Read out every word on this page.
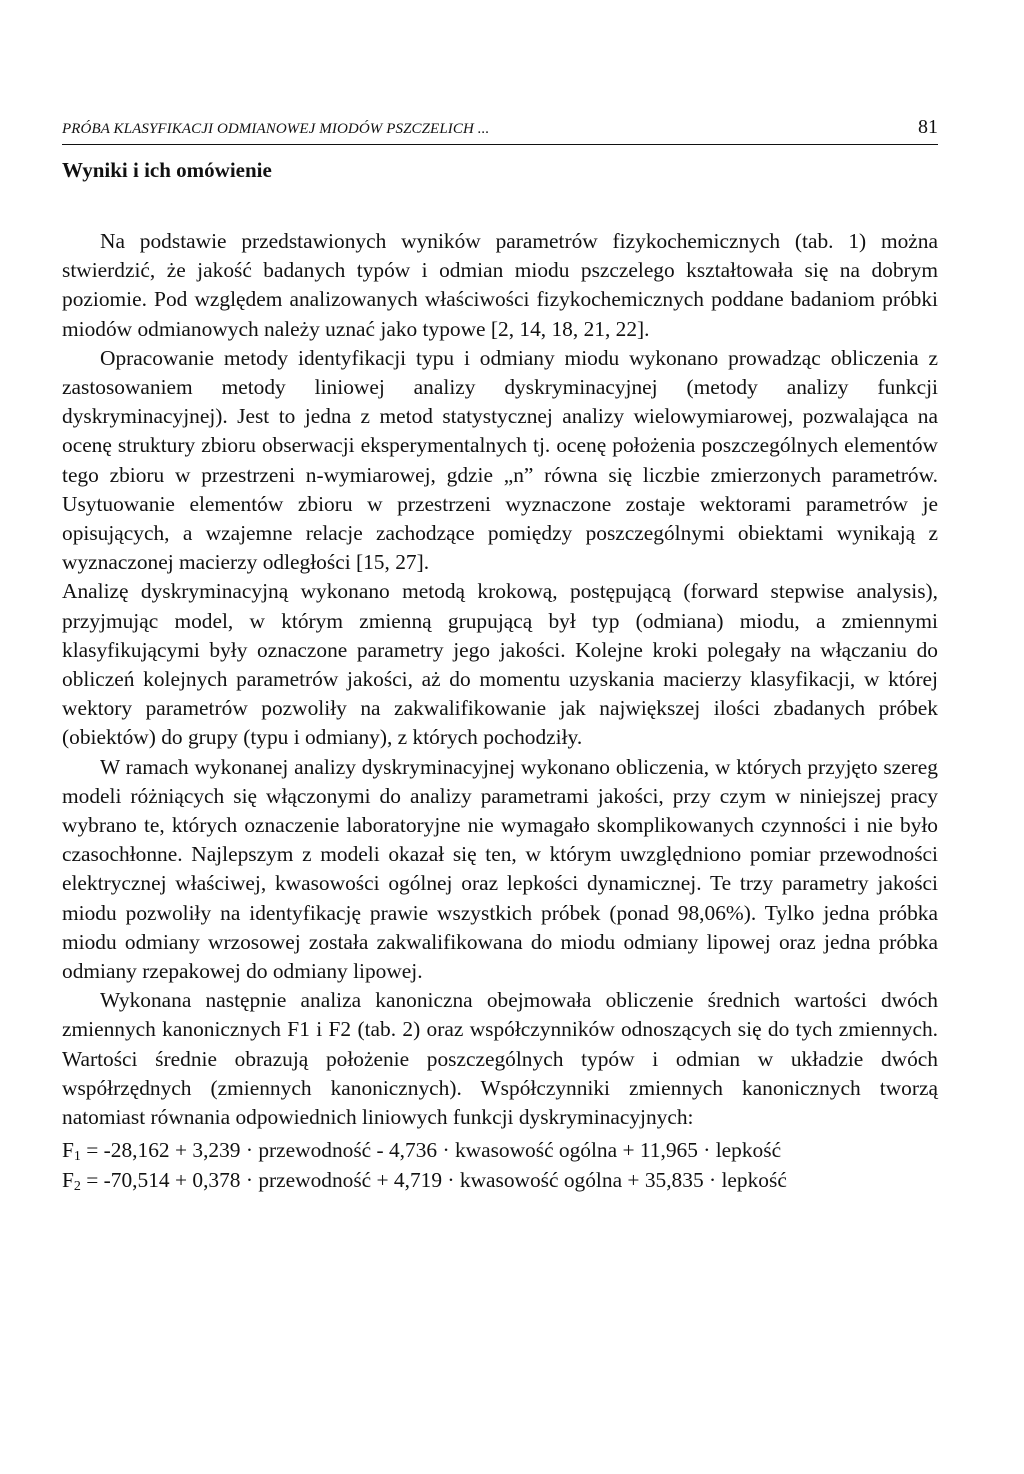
PRÓBA KLASYFIKACJI ODMIANOWEJ MIODÓW PSZCZELICH ...	81
Wyniki i ich omówienie

Na podstawie przedstawionych wyników parametrów fizykochemicznych (tab. 1) można stwierdzić, że jakość badanych typów i odmian miodu pszczelego kształtowała się na dobrym poziomie. Pod względem analizowanych właściwości fizykochemicznych poddane badaniom próbki miodów odmianowych należy uznać jako typowe [2, 14, 18, 21, 22].

Opracowanie metody identyfikacji typu i odmiany miodu wykonano prowadząc obliczenia z zastosowaniem metody liniowej analizy dyskryminacyjnej (metody analizy funkcji dyskryminacyjnej). Jest to jedna z metod statystycznej analizy wielowymiarowej, pozwalająca na ocenę struktury zbioru obserwacji eksperymentalnych tj. ocenę położenia poszczególnych elementów tego zbioru w przestrzeni n-wymiarowej, gdzie „n” równa się liczbie zmierzonych parametrów. Usytuowanie elementów zbioru w przestrzeni wyznaczone zostaje wektorami parametrów je opisujących, a wzajemne relacje zachodzące pomiędzy poszczególnymi obiektami wynikają z wyznaczonej macierzy odległości [15, 27].

Analizę dyskryminacyjną wykonano metodą krokową, postępującą (forward stepwise analysis), przyjmując model, w którym zmienną grupującą był typ (odmiana) miodu, a zmiennymi klasyfikującymi były oznaczone parametry jego jakości. Kolejne kroki polegały na włączaniu do obliczeń kolejnych parametrów jakości, aż do momentu uzyskania macierzy klasyfikacji, w której wektory parametrów pozwoliły na zakwalifikowanie jak największej ilości zbadanych próbek (obiektów) do grupy (typu i odmiany), z których pochodziły.

W ramach wykonanej analizy dyskryminacyjnej wykonano obliczenia, w których przyjęto szereg modeli różniących się włączonymi do analizy parametrami jakości, przy czym w niniejszej pracy wybrano te, których oznaczenie laboratoryjne nie wymagało skomplikowanych czynności i nie było czasochłonne. Najlepszym z modeli okazał się ten, w którym uwzględniono pomiar przewodności elektrycznej właściwej, kwasowości ogólnej oraz lepkości dynamicznej. Te trzy parametry jakości miodu pozwoliły na identyfikację prawie wszystkich próbek (ponad 98,06%). Tylko jedna próbka miodu odmiany wrzosowej została zakwalifikowana do miodu odmiany lipowej oraz jedna próbka odmiany rzepakowej do odmiany lipowej.

Wykonana następnie analiza kanoniczna obejmowała obliczenie średnich wartości dwóch zmiennych kanonicznych F1 i F2 (tab. 2) oraz współczynników odnoszących się do tych zmiennych. Wartości średnie obrazują położenie poszczególnych typów i odmian w układzie dwóch współrzędnych (zmiennych kanonicznych). Współczynniki zmiennych kanonicznych tworzą natomiast równania odpowiednich liniowych funkcji dyskryminacyjnych:

$F_1 = -28,162 + 3,239$ · przewodność - 4,736 · kwasowość ogólna + 11,965 · lepkość
$F_2 = -70,514 + 0,378$ · przewodność + 4,719 · kwasowość ogólna + 35,835 · lepkość
